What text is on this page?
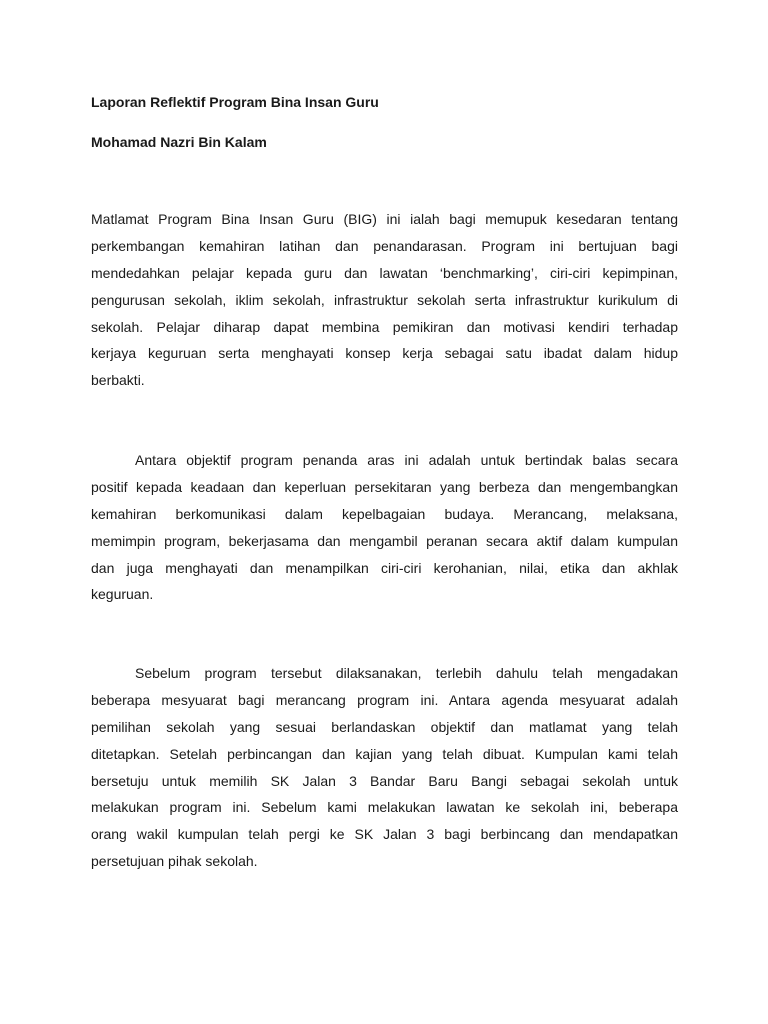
Laporan Reflektif Program Bina Insan Guru
Mohamad Nazri Bin Kalam
Matlamat Program Bina Insan Guru (BIG) ini ialah bagi memupuk kesedaran tentang
perkembangan kemahiran latihan dan penandarasan. Program ini bertujuan bagi
mendedahkan pelajar kepada guru dan lawatan ‘benchmarking’, ciri-ciri kepimpinan,
pengurusan sekolah, iklim sekolah, infrastruktur sekolah serta infrastruktur kurikulum di
sekolah. Pelajar diharap dapat membina pemikiran dan motivasi kendiri terhadap
kerjaya keguruan serta menghayati konsep kerja sebagai satu ibadat dalam hidup
berbakti.
Antara objektif program penanda aras ini adalah untuk bertindak balas secara
positif kepada keadaan dan keperluan persekitaran yang berbeza dan mengembangkan
kemahiran berkomunikasi dalam kepelbagaian budaya. Merancang, melaksana,
memimpin program, bekerjasama dan mengambil peranan secara aktif dalam kumpulan
dan juga menghayati dan menampilkan ciri-ciri kerohanian, nilai, etika dan akhlak
keguruan.
Sebelum program tersebut dilaksanakan, terlebih dahulu telah mengadakan
beberapa mesyuarat bagi merancang program ini. Antara agenda mesyuarat adalah
pemilihan sekolah yang sesuai berlandaskan objektif dan matlamat yang telah
ditetapkan. Setelah perbincangan dan kajian yang telah dibuat. Kumpulan kami telah
bersetuju untuk memilih SK Jalan 3 Bandar Baru Bangi sebagai sekolah untuk
melakukan program ini. Sebelum kami melakukan lawatan ke sekolah ini, beberapa
orang wakil kumpulan telah pergi ke SK Jalan 3 bagi berbincang dan mendapatkan
persetujuan pihak sekolah.
